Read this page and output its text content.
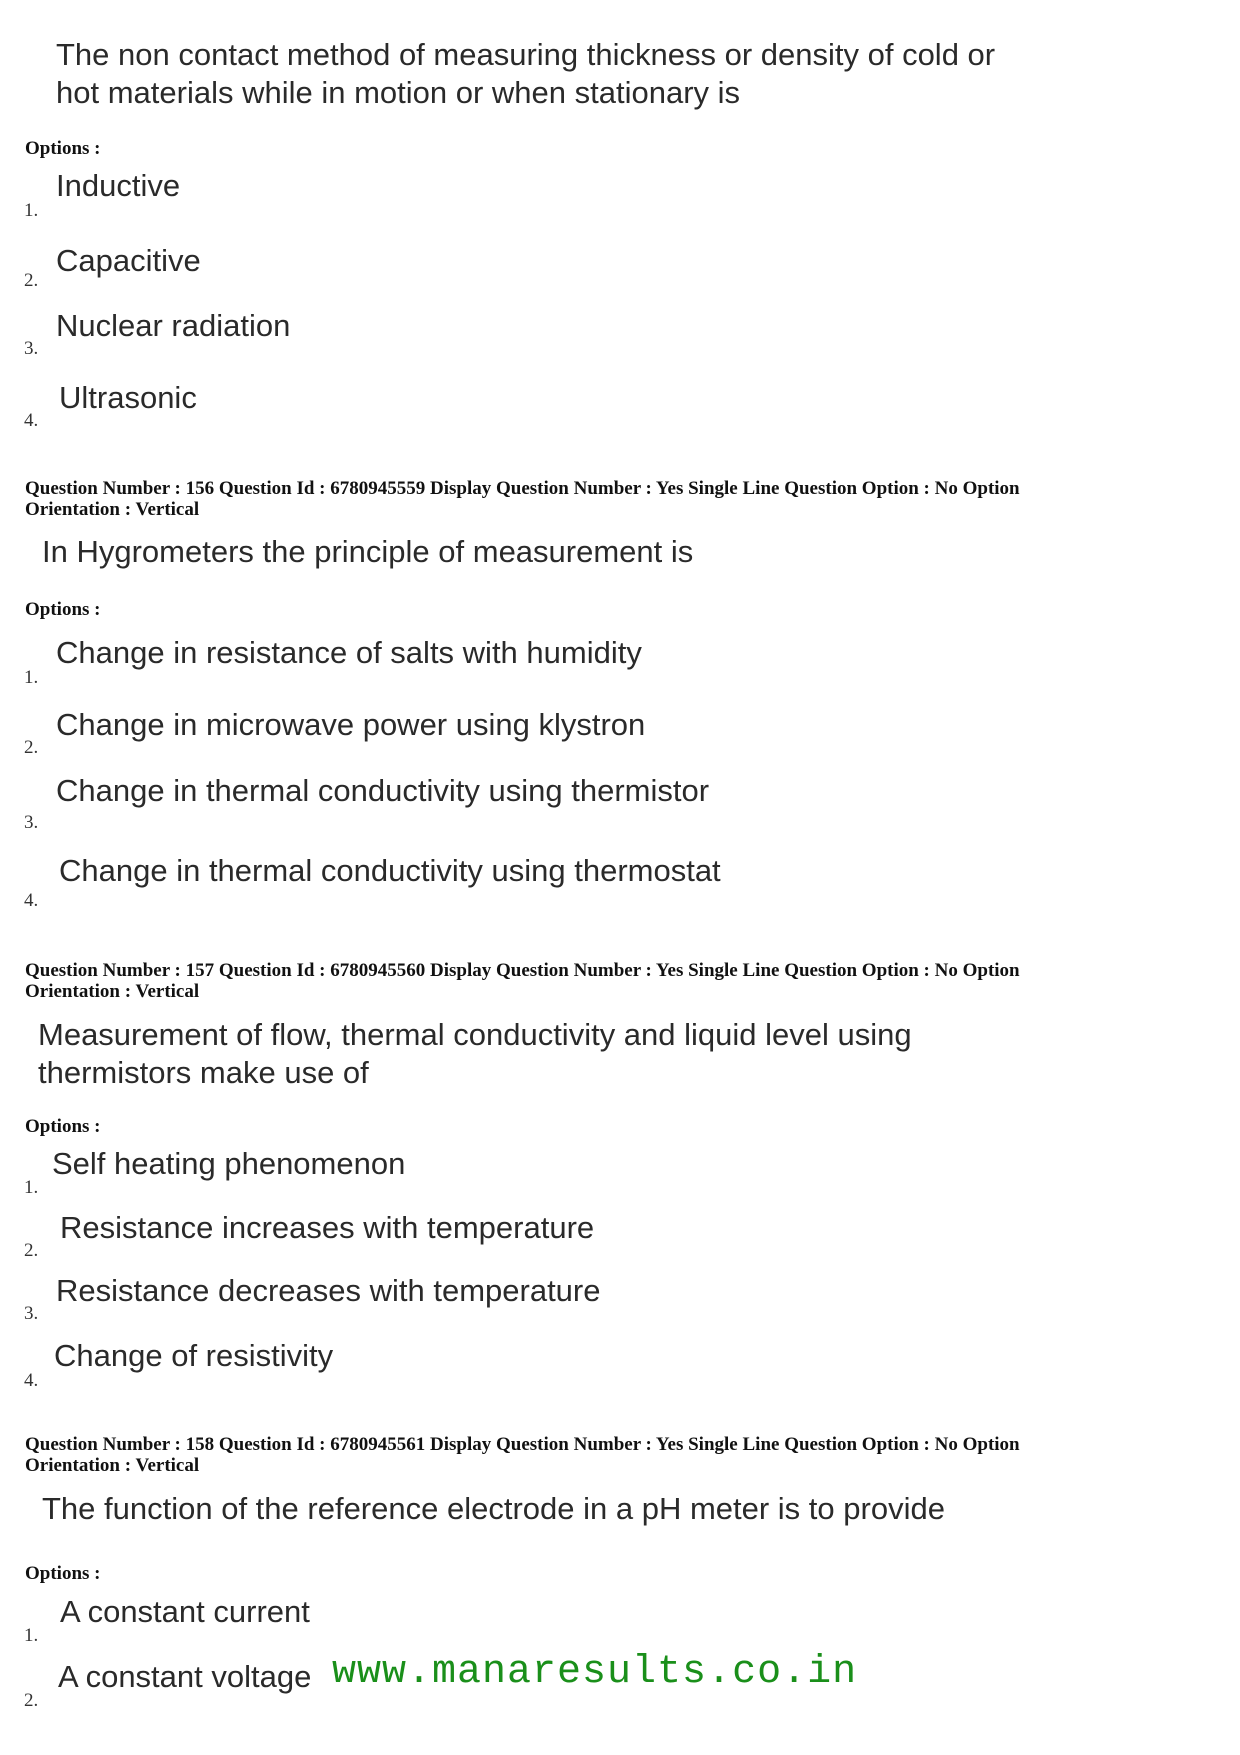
The non contact method of measuring thickness or density of cold or
hot materials while in motion or when stationary is
Options :
Inductive
1.
Capacitive
2.
Nuclear radiation
3.
Ultrasonic
4.
Question Number : 156 Question Id : 6780945559 Display Question Number : Yes Single Line Question Option : No Option
Orientation : Vertical
In Hygrometers the principle of measurement is
Options :
Change in resistance of salts with humidity
1.
Change in microwave power using klystron
2.
Change in thermal conductivity using thermistor
3.
Change in thermal conductivity using thermostat
4.
Question Number : 157 Question Id : 6780945560 Display Question Number : Yes Single Line Question Option : No Option
Orientation : Vertical
Measurement of flow, thermal conductivity and liquid level using
thermistors make use of
Options :
Self heating phenomenon
1.
Resistance increases with temperature
2.
Resistance decreases with temperature
3.
Change of resistivity
4.
Question Number : 158 Question Id : 6780945561 Display Question Number : Yes Single Line Question Option : No Option
Orientation : Vertical
The function of the reference electrode in a pH meter is to provide
Options :
A constant current
1.
A constant voltage
2.
www.manaresults.co.in
